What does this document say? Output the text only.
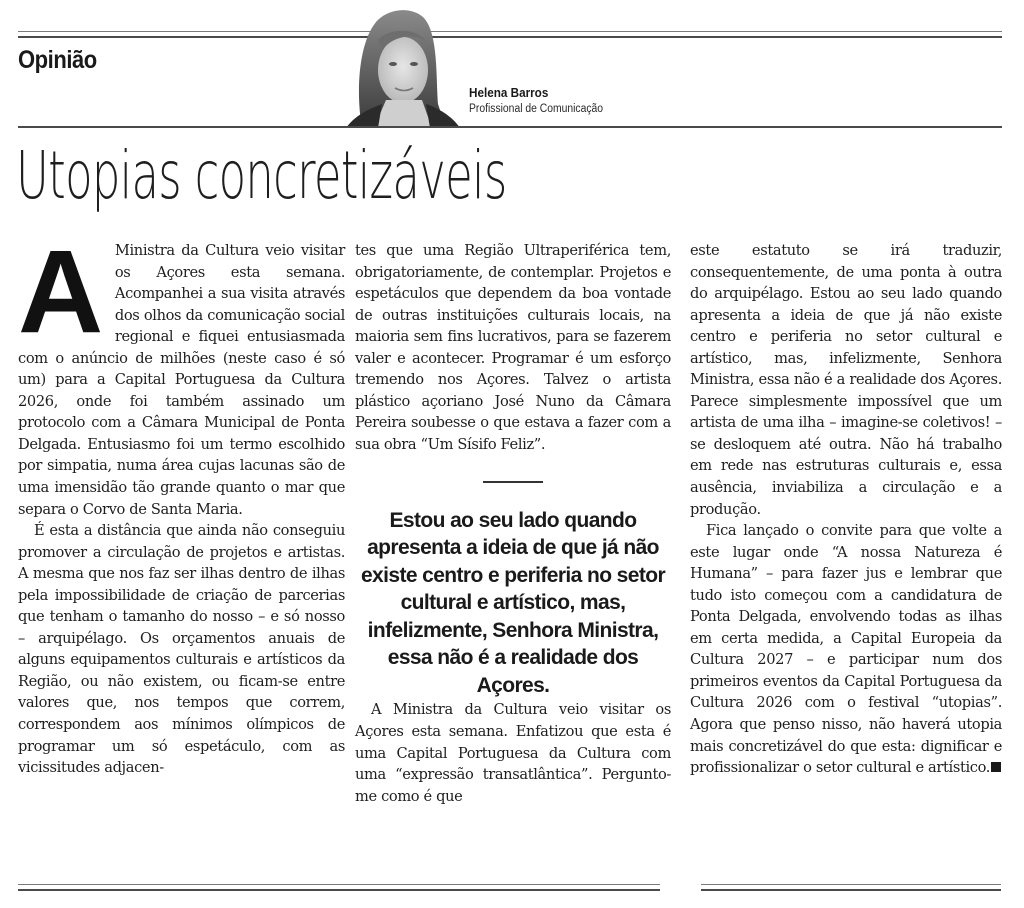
Opinião
Helena Barros
Profissional de Comunicação
Utopias concretizáveis

A Ministra da Cultura veio visitar os Açores esta semana. Acompanhei a sua visita através dos olhos da comunicação social regional e fiquei entusiasmada com o anúncio de milhões (neste caso é só um) para a Capital Portuguesa da Cultura 2026, onde foi também assinado um protocolo com a Câmara Municipal de Ponta Delgada. Entusiasmo foi um termo escolhido por simpatia, numa área cujas lacunas são de uma imensidão tão grande quanto o mar que separa o Corvo de Santa Maria.

É esta a distância que ainda não conseguiu promover a circulação de projetos e artistas. A mesma que nos faz ser ilhas dentro de ilhas pela impossibilidade de criação de parcerias que tenham o tamanho do nosso – e só nosso – arquipélago. Os orçamentos anuais de alguns equipamentos culturais e artísticos da Região, ou não existem, ou ficam-se entre valores que, nos tempos que correm, correspondem aos mínimos olímpicos de programar um só espetáculo, com as vicissitudes adjacen-

tes que uma Região Ultraperiférica tem, obrigatoriamente, de contemplar. Projetos e espetáculos que dependem da boa vontade de outras instituições culturais locais, na maioria sem fins lucrativos, para se fazerem valer e acontecer. Programar é um esforço tremendo nos Açores. Talvez o artista plástico açoriano José Nuno da Câmara Pereira soubesse o que estava a fazer com a sua obra “Um Sísifo Feliz”.

Estou ao seu lado quando apresenta a ideia de que já não existe centro e periferia no setor cultural e artístico, mas, infelizmente, Senhora Ministra, essa não é a realidade dos Açores.

A Ministra da Cultura veio visitar os Açores esta semana. Enfatizou que esta é uma Capital Portuguesa da Cultura com uma “expressão transatlântica”. Pergunto-me como é que

este estatuto se irá traduzir, consequentemente, de uma ponta à outra do arquipélago. Estou ao seu lado quando apresenta a ideia de que já não existe centro e periferia no setor cultural e artístico, mas, infelizmente, Senhora Ministra, essa não é a realidade dos Açores. Parece simplesmente impossível que um artista de uma ilha – imagine-se coletivos! – se desloquem até outra. Não há trabalho em rede nas estruturas culturais e, essa ausência, inviabiliza a circulação e a produção.

Fica lançado o convite para que volte a este lugar onde “A nossa Natureza é Humana” – para fazer jus e lembrar que tudo isto começou com a candidatura de Ponta Delgada, envolvendo todas as ilhas em certa medida, a Capital Europeia da Cultura 2027 – e participar num dos primeiros eventos da Capital Portuguesa da Cultura 2026 com o festival “utopias”. Agora que penso nisso, não haverá utopia mais concretizável do que esta: dignificar e profissionalizar o setor cultural e artístico.
